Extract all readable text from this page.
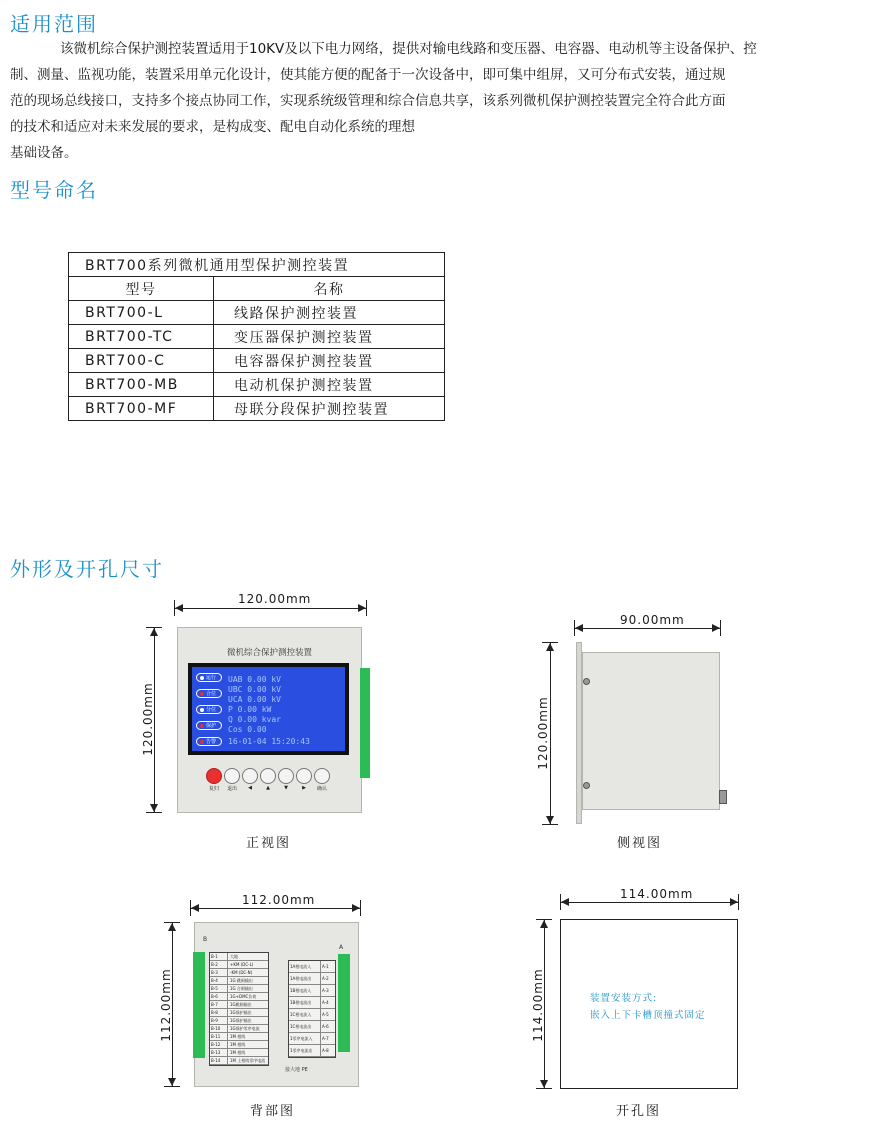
适用范围

该微机综合保护测控装置适用于10KV及以下电力网络，提供对输电线路和变压器、电容器、电动机等主设备保护、控
制、测量、监视功能，装置采用单元化设计，使其能方便的配备于一次设备中，即可集中组屏，又可分布式安装，通过规
范的现场总线接口，支持多个接点协同工作，实现系统级管理和综合信息共享，该系列微机保护测控装置完全符合此方面
的技术和适应对未来发展的要求，是构成变、配电自动化系统的理想
基础设备。

型号命名
BRT700系列微机通用型保护测控装置	
型号	名称
BRT700-L	线路保护测控装置
BRT700-TC	变压器保护测控装置
BRT700-C	电容器保护测控装置
BRT700-MB	电动机保护测控装置
BRT700-MF	母联分段保护测控装置
外形及开孔尺寸
120.00mm
120.00mm
微机综合保护测控装置
运行
合位
分位
保护
告警
UAB 0.00 kV
UBC 0.00 kV
UCA 0.00 kV
P 0.00 kW
Q 0.00 kvar
Cos 0.00
16-01-04 15:20:43
复归	退出	◀	▲	▼	▶	确认
正视图
90.00mm
120.00mm
侧视图
112.00mm
112.00mm
B
A
B-1	大地
B-2	+KM (DC-L)
B-3	-KM (DC-N)
B-4	1G 跳闸输出
B-5	1G 合闸输出
B-6	1G+DMC负荷
B-7	1G跳闸输出
B-8	1G保护输出
B-9	1G保护输出
B-10	1G保护零序电流
B-11	1M 相线
B-12	1M 相线
B-13	1M 相线
B-14	1M 上相线零序电流
1A相电流入	A-1
1A相电流出	A-2
1B相电流入	A-3
1B相电流出	A-4
1C相电流入	A-5
1C相电流出	A-6
1零序电流入	A-7
1零序电流出	A-8
接大地 PE
背部图
114.00mm
114.00mm	装置安装方式:
嵌入上下卡槽顶撞式固定
开孔图
